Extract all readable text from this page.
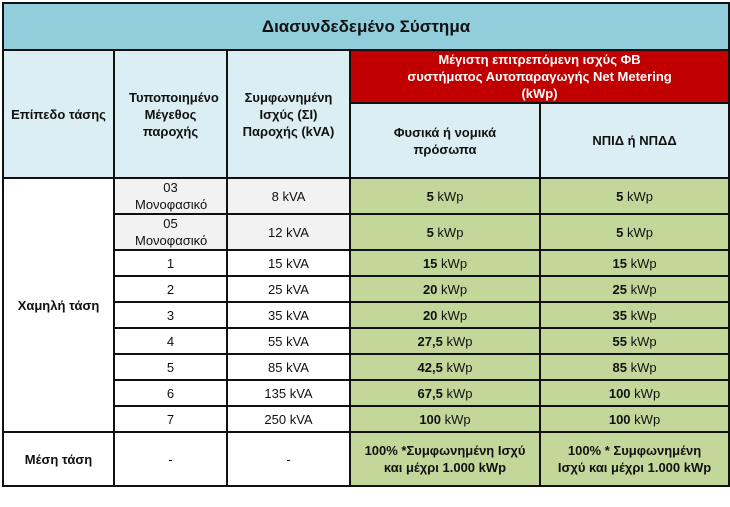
Διασυνδεδεμένο Σύστημα				
Επίπεδο τάσης	Τυποποιημένο Μέγεθος παροχής	Συμφωνημένη Ισχύς (ΣΙ) Παροχής (kVA)	Μέγιστη επιτρεπόμενη ισχύς ΦΒ συστήματος Αυτοπαραγωγής Net Metering (kWp)	
			Φυσικά ή νομικά πρόσωπα	ΝΠΙΔ ή ΝΠΔΔ
Χαμηλή τάση	03 Μονοφασικό	8 kVA	5 kWp	5 kWp
	05 Μονοφασικό	12 kVA	5 kWp	5 kWp
	1	15 kVA	15 kWp	15 kWp
	2	25 kVA	20 kWp	25 kWp
	3	35 kVA	20 kWp	35 kWp
	4	55 kVA	27,5 kWp	55 kWp
	5	85 kVA	42,5 kWp	85 kWp
	6	135 kVA	67,5 kWp	100 kWp
	7	250 kVA	100 kWp	100 kWp
Μέση τάση	-	-	100% *Συμφωνημένη Ισχύ και μέχρι 1.000 kWp	100% * Συμφωνημένη Ισχύ και μέχρι 1.000 kWp
